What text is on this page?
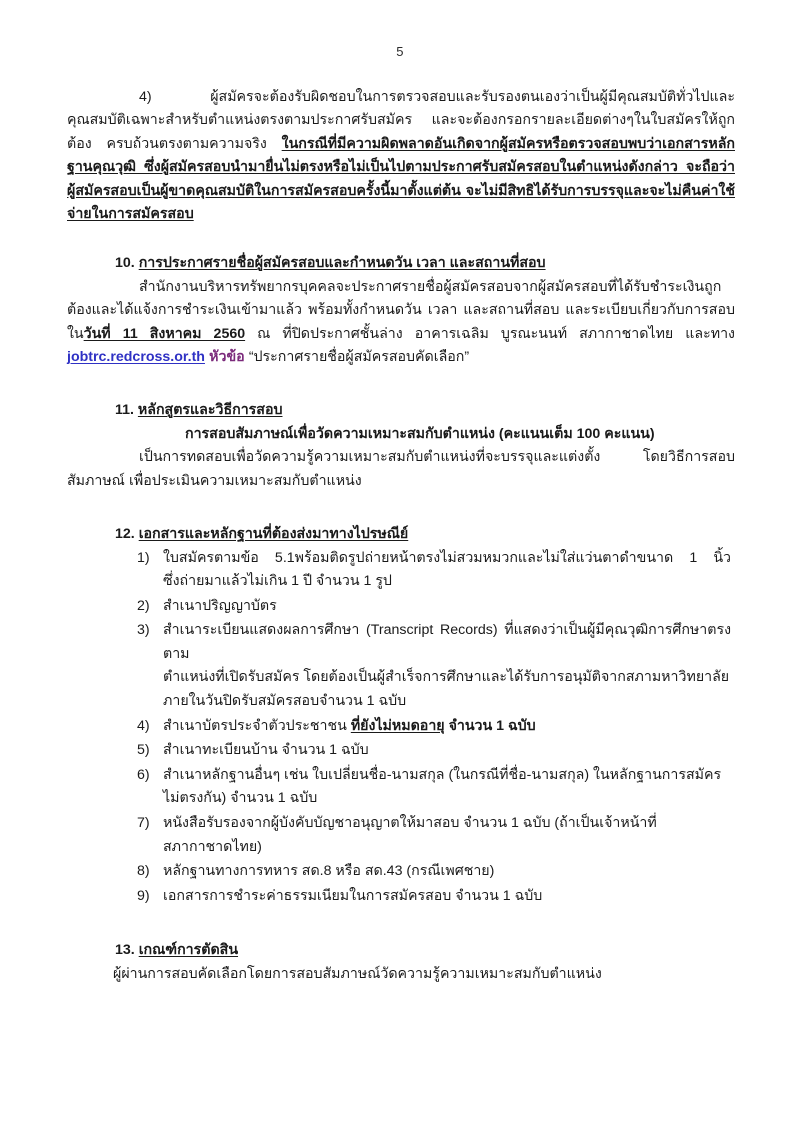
5

4) ผู้สมัครจะต้องรับผิดชอบในการตรวจสอบและรับรองตนเองว่าเป็นผู้มีคุณสมบัติทั่วไปและคุณสมบัติเฉพาะสำหรับตำแหน่งตรงตามประกาศรับสมัคร และจะต้องกรอกรายละเอียดต่างๆในใบสมัครให้ถูกต้อง ครบถ้วนตรงตามความจริง ในกรณีที่มีความผิดพลาดอันเกิดจากผู้สมัครหรือตรวจสอบพบว่าเอกสารหลักฐานคุณวุฒิ ซึ่งผู้สมัครสอบนำมายื่นไม่ตรงหรือไม่เป็นไปตามประกาศรับสมัครสอบในตำแหน่งดังกล่าว จะถือว่าผู้สมัครสอบเป็นผู้ขาดคุณสมบัติในการสมัครสอบครั้งนี้มาตั้งแต่ต้น จะไม่มีสิทธิได้รับการบรรจุและจะไม่คืนค่าใช้จ่ายในการสมัครสอบ

10. การประกาศรายชื่อผู้สมัครสอบและกำหนดวัน เวลา และสถานที่สอบ

สำนักงานบริหารทรัพยากรบุคคลจะประกาศรายชื่อผู้สมัครสอบจากผู้สมัครสอบที่ได้รับชำระเงินถูกต้องและได้แจ้งการชำระเงินเข้ามาแล้ว พร้อมทั้งกำหนดวัน เวลา และสถานที่สอบ และระเบียบเกี่ยวกับการสอบในวันที่ 11 สิงหาคม 2560 ณ ที่ปิดประกาศชั้นล่าง อาคารเฉลิม บูรณะนนท์ สภากาชาดไทย และทาง jobtrc.redcross.or.th หัวข้อ “ประกาศรายชื่อผู้สมัครสอบคัดเลือก”

11. หลักสูตรและวิธีการสอบ
การสอบสัมภาษณ์เพื่อวัดความเหมาะสมกับตำแหน่ง (คะแนนเต็ม 100 คะแนน)

เป็นการทดสอบเพื่อวัดความรู้ความเหมาะสมกับตำแหน่งที่จะบรรจุและแต่งตั้ง โดยวิธีการสอบสัมภาษณ์ เพื่อประเมินความเหมาะสมกับตำแหน่ง

12. เอกสารและหลักฐานที่ต้องส่งมาทางไปรษณีย์
1) ใบสมัครตามข้อ 5.1พร้อมติดรูปถ่ายหน้าตรงไม่สวมหมวกและไม่ใส่แว่นตาดำขนาด 1 นิ้ว
ซึ่งถ่ายมาแล้วไม่เกิน 1 ปี จำนวน 1 รูป
2) สำเนาปริญญาบัตร
3) สำเนาระเบียนแสดงผลการศึกษา (Transcript Records) ที่แสดงว่าเป็นผู้มีคุณวุฒิการศึกษาตรงตาม
ตำแหน่งที่เปิดรับสมัคร โดยต้องเป็นผู้สำเร็จการศึกษาและได้รับการอนุมัติจากสภามหาวิทยาลัย
ภายในวันปิดรับสมัครสอบจำนวน 1 ฉบับ
4) สำเนาบัตรประจำตัวประชาชน ที่ยังไม่หมดอายุ จำนวน 1 ฉบับ
5) สำเนาทะเบียนบ้าน จำนวน 1 ฉบับ
6) สำเนาหลักฐานอื่นๆ เช่น ใบเปลี่ยนชื่อ-นามสกุล (ในกรณีที่ชื่อ-นามสกุล) ในหลักฐานการสมัคร
ไม่ตรงกัน) จำนวน 1 ฉบับ
7) หนังสือรับรองจากผู้บังคับบัญชาอนุญาตให้มาสอบ จำนวน 1 ฉบับ (ถ้าเป็นเจ้าหน้าที่
สภากาชาดไทย)
8) หลักฐานทางการทหาร สด.8 หรือ สด.43 (กรณีเพศชาย)
9) เอกสารการชำระค่าธรรมเนียมในการสมัครสอบ จำนวน 1 ฉบับ
13. เกณฑ์การตัดสิน

ผู้ผ่านการสอบคัดเลือกโดยการสอบสัมภาษณ์วัดความรู้ความเหมาะสมกับตำแหน่ง
